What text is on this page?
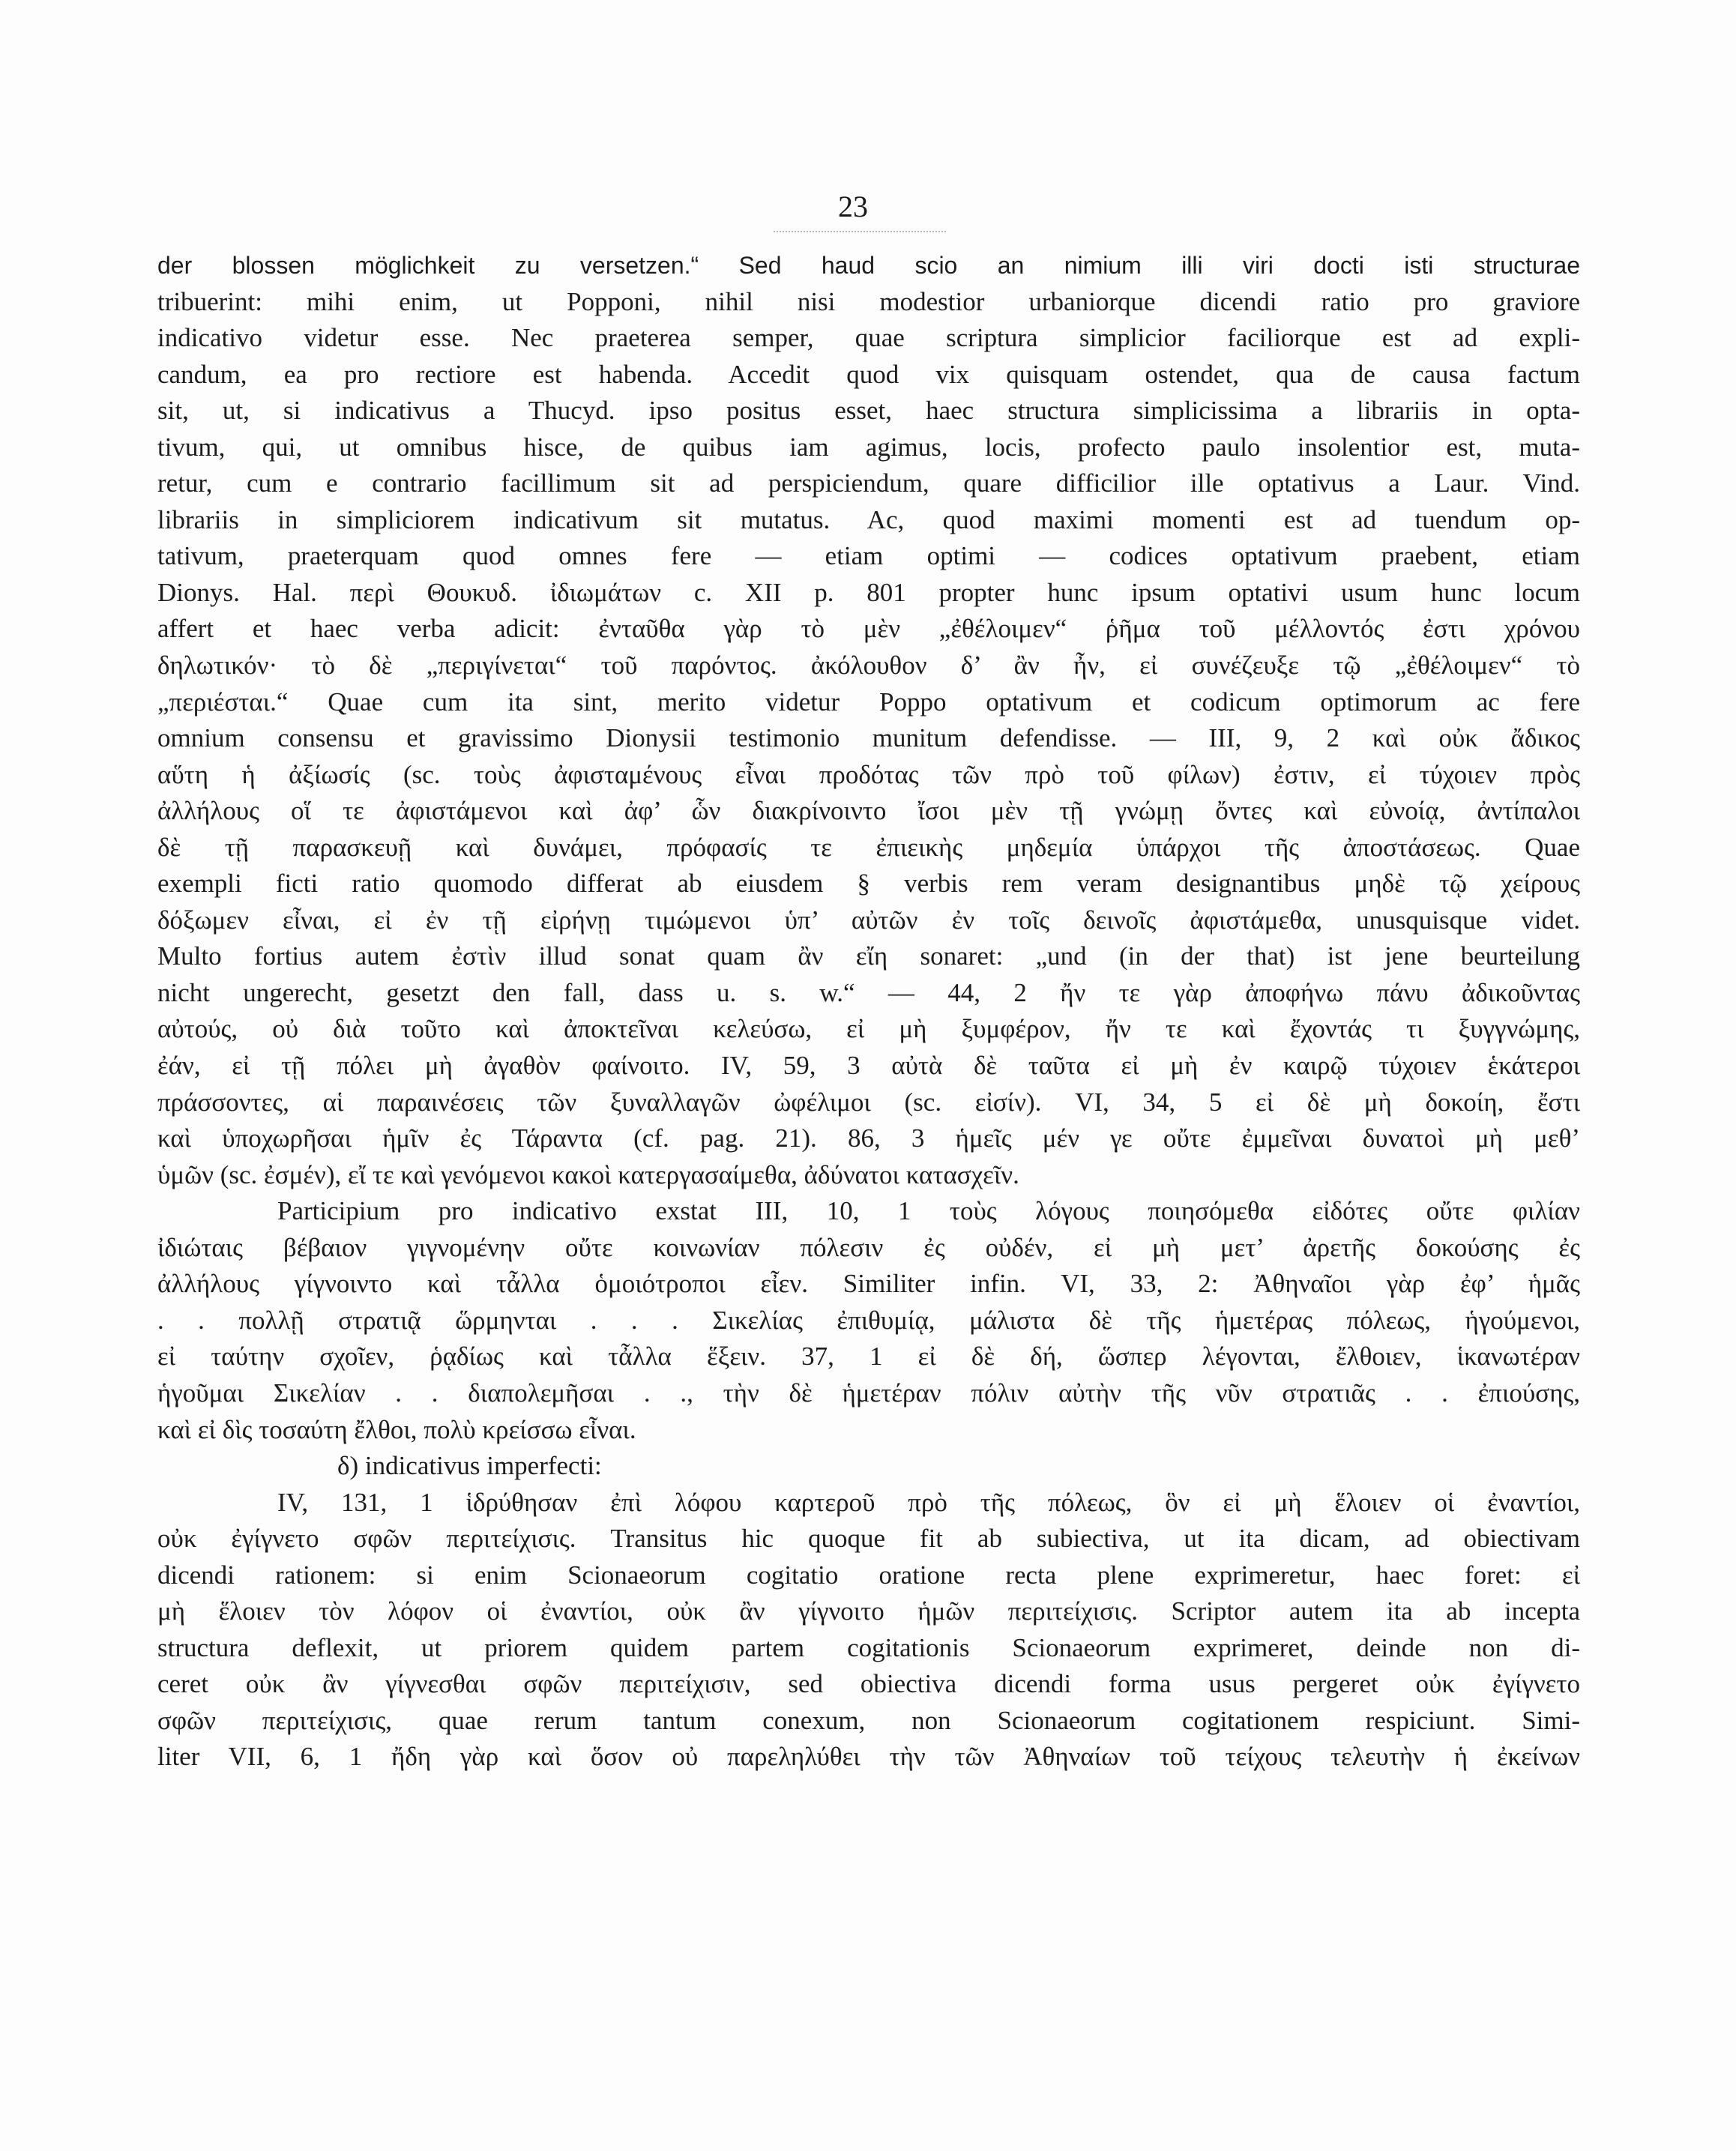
23
der blossen möglichkeit zu versetzen.“ Sed haud scio an nimium illi viri docti isti structurae
tribuerint: mihi enim, ut Popponi, nihil nisi modestior urbaniorque dicendi ratio pro graviore
indicativo videtur esse. Nec praeterea semper, quae scriptura simplicior faciliorque est ad expli-
candum, ea pro rectiore est habenda. Accedit quod vix quisquam ostendet, qua de causa factum
sit, ut, si indicativus a Thucyd. ipso positus esset, haec structura simplicissima a librariis in opta-
tivum, qui, ut omnibus hisce, de quibus iam agimus, locis, profecto paulo insolentior est, muta-
retur, cum e contrario facillimum sit ad perspiciendum, quare difficilior ille optativus a Laur. Vind.
librariis in simpliciorem indicativum sit mutatus. Ac, quod maximi momenti est ad tuendum op-
tativum, praeterquam quod omnes fere — etiam optimi — codices optativum praebent, etiam
Dionys. Hal. περὶ Θουκυδ. ἰδιωμάτων c. XII p. 801 propter hunc ipsum optativi usum hunc locum
affert et haec verba adicit: ἐνταῦθα γὰρ τὸ μὲν „ἐθέλοιμεν“ ῥῆμα τοῦ μέλλοντός ἐστι χρόνου
δηλωτικόν· τὸ δὲ „περιγίνεται“ τοῦ παρόντος. ἀκόλουθον δ’ ἂν ἦν, εἰ συνέζευξε τῷ „ἐθέλοιμεν“ τὸ
„περιέσται.“ Quae cum ita sint, merito videtur Poppo optativum et codicum optimorum ac fere
omnium consensu et gravissimo Dionysii testimonio munitum defendisse. — III, 9, 2 καὶ οὐκ ἄδικος
αὕτη ἡ ἀξίωσίς (sc. τοὺς ἀφισταμένους εἶναι προδότας τῶν πρὸ τοῦ φίλων) ἐστιν, εἰ τύχοιεν πρὸς
ἀλλήλους οἵ τε ἀφιστάμενοι καὶ ἀφ’ ὧν διακρίνοιντο ἴσοι μὲν τῇ γνώμῃ ὄντες καὶ εὐνοίᾳ, ἀντίπαλοι
δὲ τῇ παρασκευῇ καὶ δυνάμει, πρόφασίς τε ἐπιεικὴς μηδεμία ὑπάρχοι τῆς ἀποστάσεως. Quae
exempli ficti ratio quomodo differat ab eiusdem § verbis rem veram designantibus μηδὲ τῷ χείρους
δόξωμεν εἶναι, εἰ ἐν τῇ εἰρήνῃ τιμώμενοι ὑπ’ αὐτῶν ἐν τοῖς δεινοῖς ἀφιστάμεθα, unusquisque videt.
Multo fortius autem ἐστὶν illud sonat quam ἂν εἴη sonaret: „und (in der that) ist jene beurteilung
nicht ungerecht, gesetzt den fall, dass u. s. w.“ — 44, 2 ἤν τε γὰρ ἀποφήνω πάνυ ἀδικοῦντας
αὐτούς, οὐ διὰ τοῦτο καὶ ἀποκτεῖναι κελεύσω, εἰ μὴ ξυμφέρον, ἤν τε καὶ ἔχοντάς τι ξυγγνώμης,
ἐάν, εἰ τῇ πόλει μὴ ἀγαθὸν φαίνοιτο. IV, 59, 3 αὐτὰ δὲ ταῦτα εἰ μὴ ἐν καιρῷ τύχοιεν ἑκάτεροι
πράσσοντες, αἱ παραινέσεις τῶν ξυναλλαγῶν ὠφέλιμοι (sc. εἰσίν). VI, 34, 5 εἰ δὲ μὴ δοκοίη, ἔστι
καὶ ὑποχωρῆσαι ἡμῖν ἐς Τάραντα (cf. pag. 21). 86, 3 ἡμεῖς μέν γε οὔτε ἐμμεῖναι δυνατοὶ μὴ μεθ’
ὑμῶν (sc. ἐσμέν), εἴ τε καὶ γενόμενοι κακοὶ κατεργασαίμεθα, ἀδύνατοι κατασχεῖν.
Participium pro indicativo exstat III, 10, 1 τοὺς λόγους ποιησόμεθα εἰδότες οὔτε φιλίαν
ἰδιώταις βέβαιον γιγνομένην οὔτε κοινωνίαν πόλεσιν ἐς οὐδέν, εἰ μὴ μετ’ ἀρετῆς δοκούσης ἐς
ἀλλήλους γίγνοιντο καὶ τἆλλα ὁμοιότροποι εἶεν. Similiter infin. VI, 33, 2: Ἀθηναῖοι γὰρ ἐφ’ ἡμᾶς
. . πολλῇ στρατιᾷ ὥρμηνται . . . Σικελίας ἐπιθυμίᾳ, μάλιστα δὲ τῆς ἡμετέρας πόλεως, ἡγούμενοι,
εἰ ταύτην σχοῖεν, ῥᾳδίως καὶ τἆλλα ἕξειν. 37, 1 εἰ δὲ δή, ὥσπερ λέγονται, ἔλθοιεν, ἱκανωτέραν
ἡγοῦμαι Σικελίαν . . διαπολεμῆσαι . ., τὴν δὲ ἡμετέραν πόλιν αὐτὴν τῆς νῦν στρατιᾶς . . ἐπιούσης,
καὶ εἰ δὶς τοσαύτη ἔλθοι, πολὺ κρείσσω εἶναι.
δ) indicativus imperfecti:
IV, 131, 1 ἱδρύθησαν ἐπὶ λόφου καρτεροῦ πρὸ τῆς πόλεως, ὃν εἰ μὴ ἕλοιεν οἱ ἐναντίοι,
οὐκ ἐγίγνετο σφῶν περιτείχισις. Transitus hic quoque fit ab subiectiva, ut ita dicam, ad obiectivam
dicendi rationem: si enim Scionaeorum cogitatio oratione recta plene exprimeretur, haec foret: εἰ
μὴ ἕλοιεν τὸν λόφον οἱ ἐναντίοι, οὐκ ἂν γίγνοιτο ἡμῶν περιτείχισις. Scriptor autem ita ab incepta
structura deflexit, ut priorem quidem partem cogitationis Scionaeorum exprimeret, deinde non di-
ceret οὐκ ἂν γίγνεσθαι σφῶν περιτείχισιν, sed obiectiva dicendi forma usus pergeret οὐκ ἐγίγνετο
σφῶν περιτείχισις, quae rerum tantum conexum, non Scionaeorum cogitationem respiciunt. Simi-
liter VII, 6, 1 ἤδη γὰρ καὶ ὅσον οὐ παρεληλύθει τὴν τῶν Ἀθηναίων τοῦ τείχους τελευτὴν ἡ ἐκείνων
